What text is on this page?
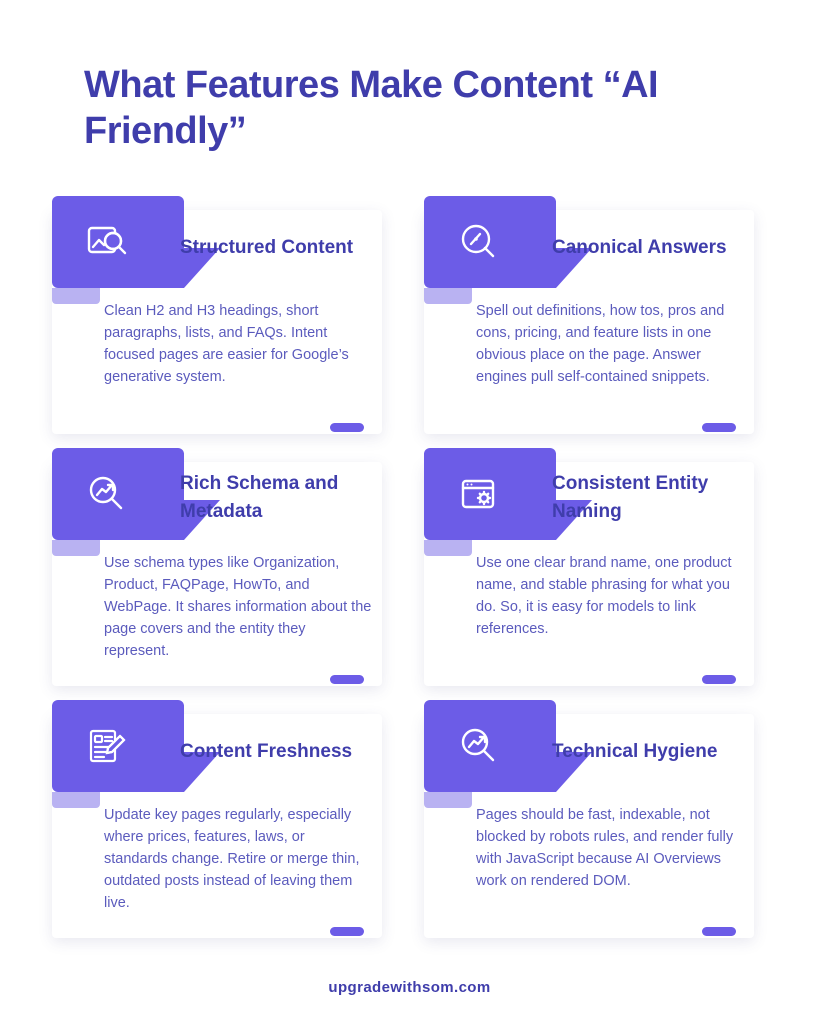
What Features Make Content “AI Friendly”
Structured Content
Clean H2 and H3 headings, short paragraphs, lists, and FAQs. Intent focused pages are easier for Google’s generative system.
Canonical Answers
Spell out definitions, how tos, pros and cons, pricing, and feature lists in one obvious place on the page. Answer engines pull self-contained snippets.
Rich Schema and Metadata
Use schema types like Organization, Product, FAQPage, HowTo, and WebPage. It shares information about the page covers and the entity they represent.
Consistent Entity Naming
Use one clear brand name, one product name, and stable phrasing for what you do. So, it is easy for models to link references.
Content Freshness
Update key pages regularly, especially where prices, features, laws, or standards change. Retire or merge thin, outdated posts instead of leaving them live.
Technical Hygiene
Pages should be fast, indexable, not blocked by robots rules, and render fully with JavaScript because AI Overviews work on rendered DOM.
upgradewithsom.com
